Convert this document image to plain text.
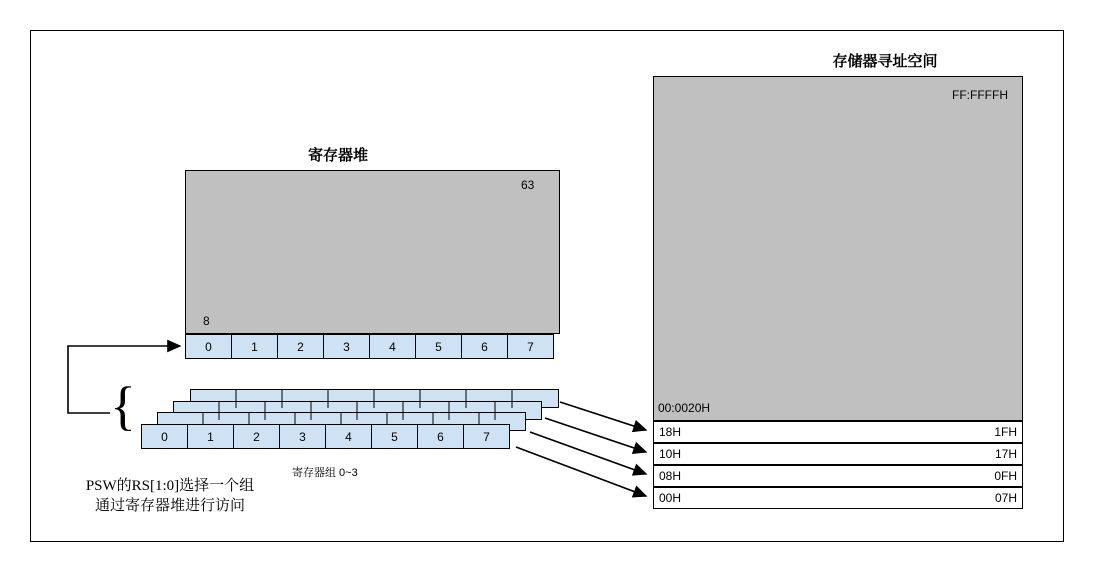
寄存器堆
63
8
0	1	2	3	4	5	6	7
0	1	2	3	4	5	6	7
寄存器组 0~3
{
PSW的RS[1:0]选择一个组
通过寄存器堆进行访问
存储器寻址空间
FF:FFFFH
00:0020H
18H	1FH
10H	17H
08H	0FH
00H	07H
